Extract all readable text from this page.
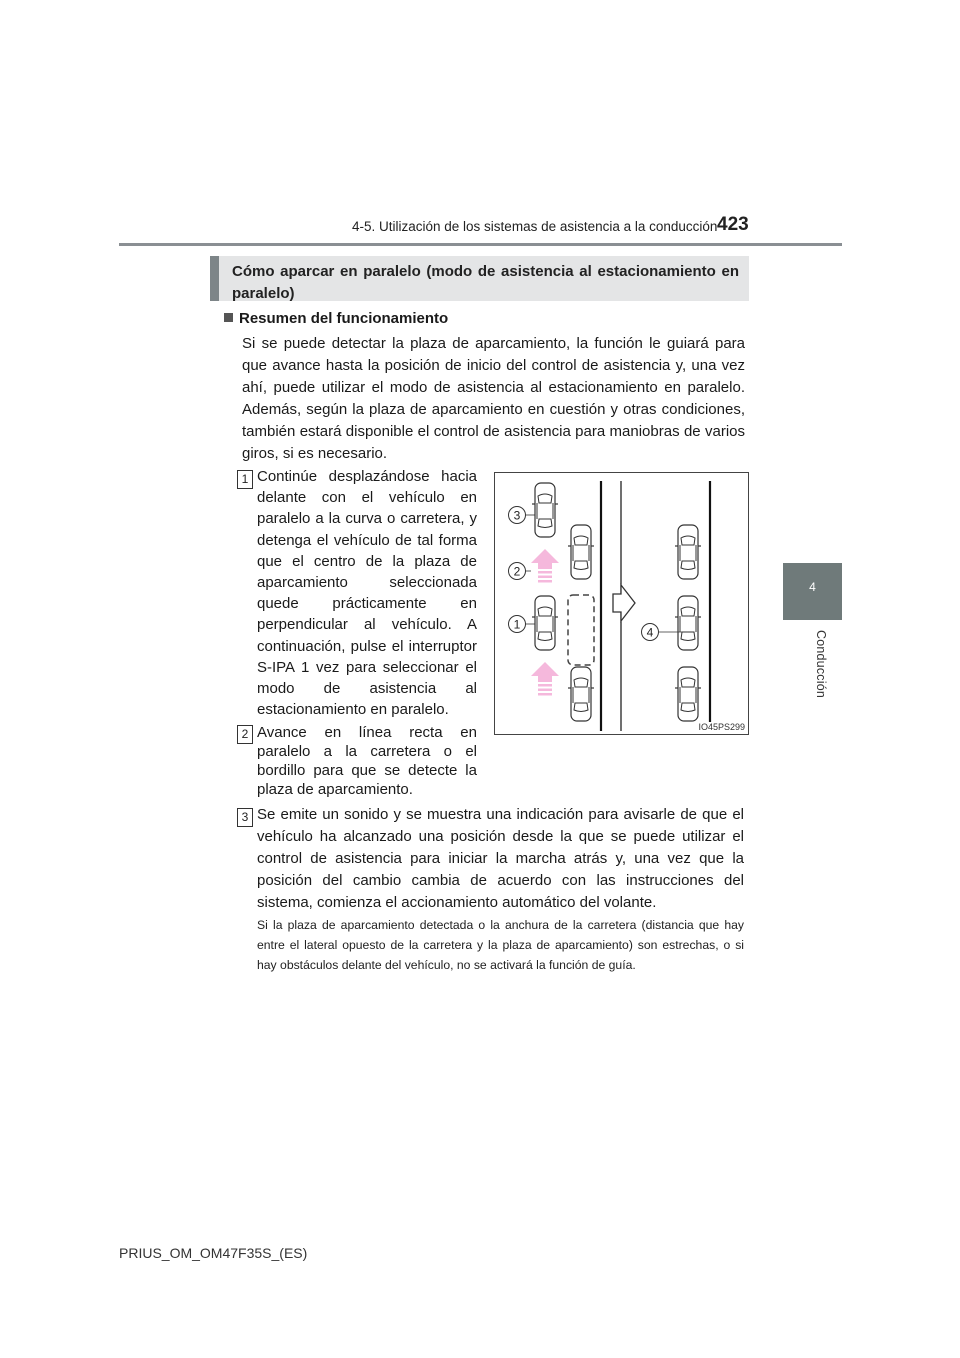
4-5. Utilización de los sistemas de asistencia a la conducción 423
4
Conducción
Cómo aparcar en paralelo (modo de asistencia al estacionamiento en paralelo)
Resumen del funcionamiento
Si se puede detectar la plaza de aparcamiento, la función le guiará para que avance hasta la posición de inicio del control de asistencia y, una vez ahí, puede utilizar el modo de asistencia al estacionamiento en paralelo. Además, según la plaza de aparcamiento en cuestión y otras condiciones, también estará disponible el control de asistencia para maniobras de varios giros, si es necesario.
1 Continúe desplazándose hacia delante con el vehículo en paralelo a la curva o carretera, y detenga el vehículo de tal forma que el centro de la plaza de aparcamiento seleccionada quede prácticamente en perpendicular al vehículo. A continuación, pulse el interruptor S-IPA 1 vez para seleccionar el modo de asistencia al estacionamiento en paralelo.
2 Avance en línea recta en paralelo a la carretera o el bordillo para que se detecte la plaza de aparcamiento.
3 Se emite un sonido y se muestra una indicación para avisarle de que el vehículo ha alcanzado una posición desde la que se puede utilizar el control de asistencia para iniciar la marcha atrás y, una vez que la posición del cambio cambia de acuerdo con las instrucciones del sistema, comienza el accionamiento automático del volante.
Si la plaza de aparcamiento detectada o la anchura de la carretera (distancia que hay entre el lateral opuesto de la carretera y la plaza de aparcamiento) son estrechas, o si hay obstáculos delante del vehículo, no se activará la función de guía.
3
2
1
4
IO45PS299
PRIUS_OM_OM47F35S_(ES)
